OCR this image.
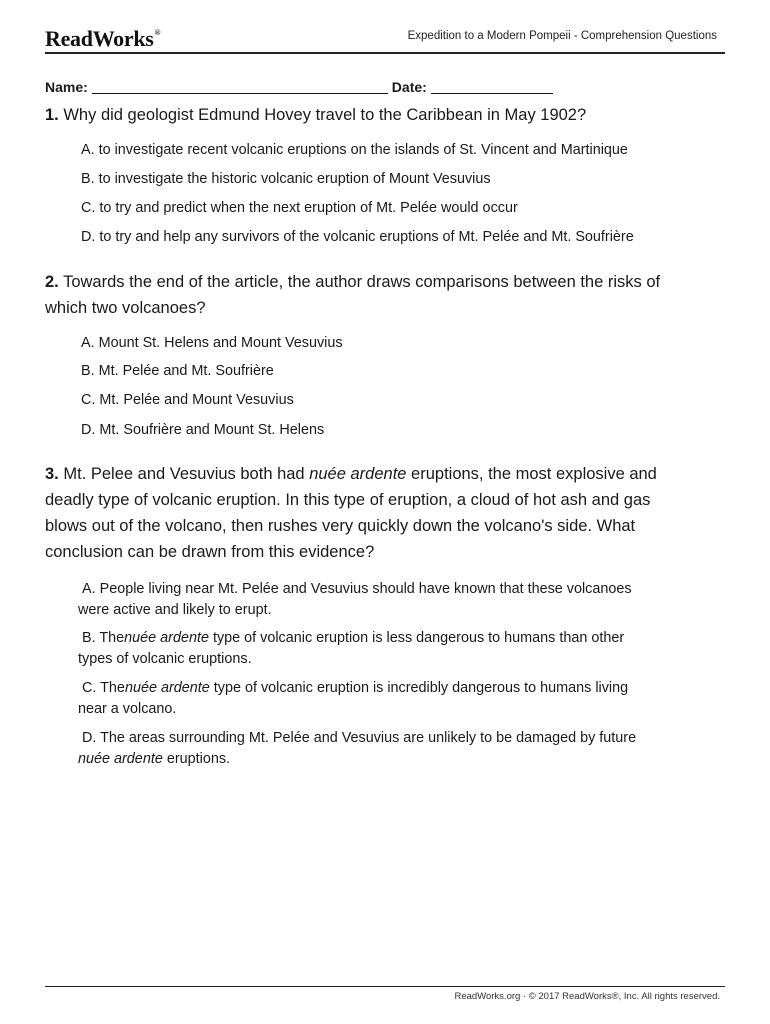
ReadWorks®	Expedition to a Modern Pompeii - Comprehension Questions
Name:	Date:
1. Why did geologist Edmund Hovey travel to the Caribbean in May 1902?
A. to investigate recent volcanic eruptions on the islands of St. Vincent and Martinique
B. to investigate the historic volcanic eruption of Mount Vesuvius
C. to try and predict when the next eruption of Mt. Pelée would occur
D. to try and help any survivors of the volcanic eruptions of Mt. Pelée and Mt. Soufrière
2. Towards the end of the article, the author draws comparisons between the risks of
which two volcanoes?
A. Mount St. Helens and Mount Vesuvius
B. Mt. Pelée and Mt. Soufrière
C. Mt. Pelée and Mount Vesuvius
D. Mt. Soufrière and Mount St. Helens
3. Mt. Pelee and Vesuvius both had nuée ardente eruptions, the most explosive and
deadly type of volcanic eruption. In this type of eruption, a cloud of hot ash and gas
blows out of the volcano, then rushes very quickly down the volcano's side. What
conclusion can be drawn from this evidence?
A. People living near Mt. Pelée and Vesuvius should have known that these volcanoes
were active and likely to erupt.
B. Thenuée ardente type of volcanic eruption is less dangerous to humans than other
types of volcanic eruptions.
C. Thenuée ardente type of volcanic eruption is incredibly dangerous to humans living
near a volcano.
D. The areas surrounding Mt. Pelée and Vesuvius are unlikely to be damaged by future
nuée ardente eruptions.
ReadWorks.org · © 2017 ReadWorks®, Inc. All rights reserved.
